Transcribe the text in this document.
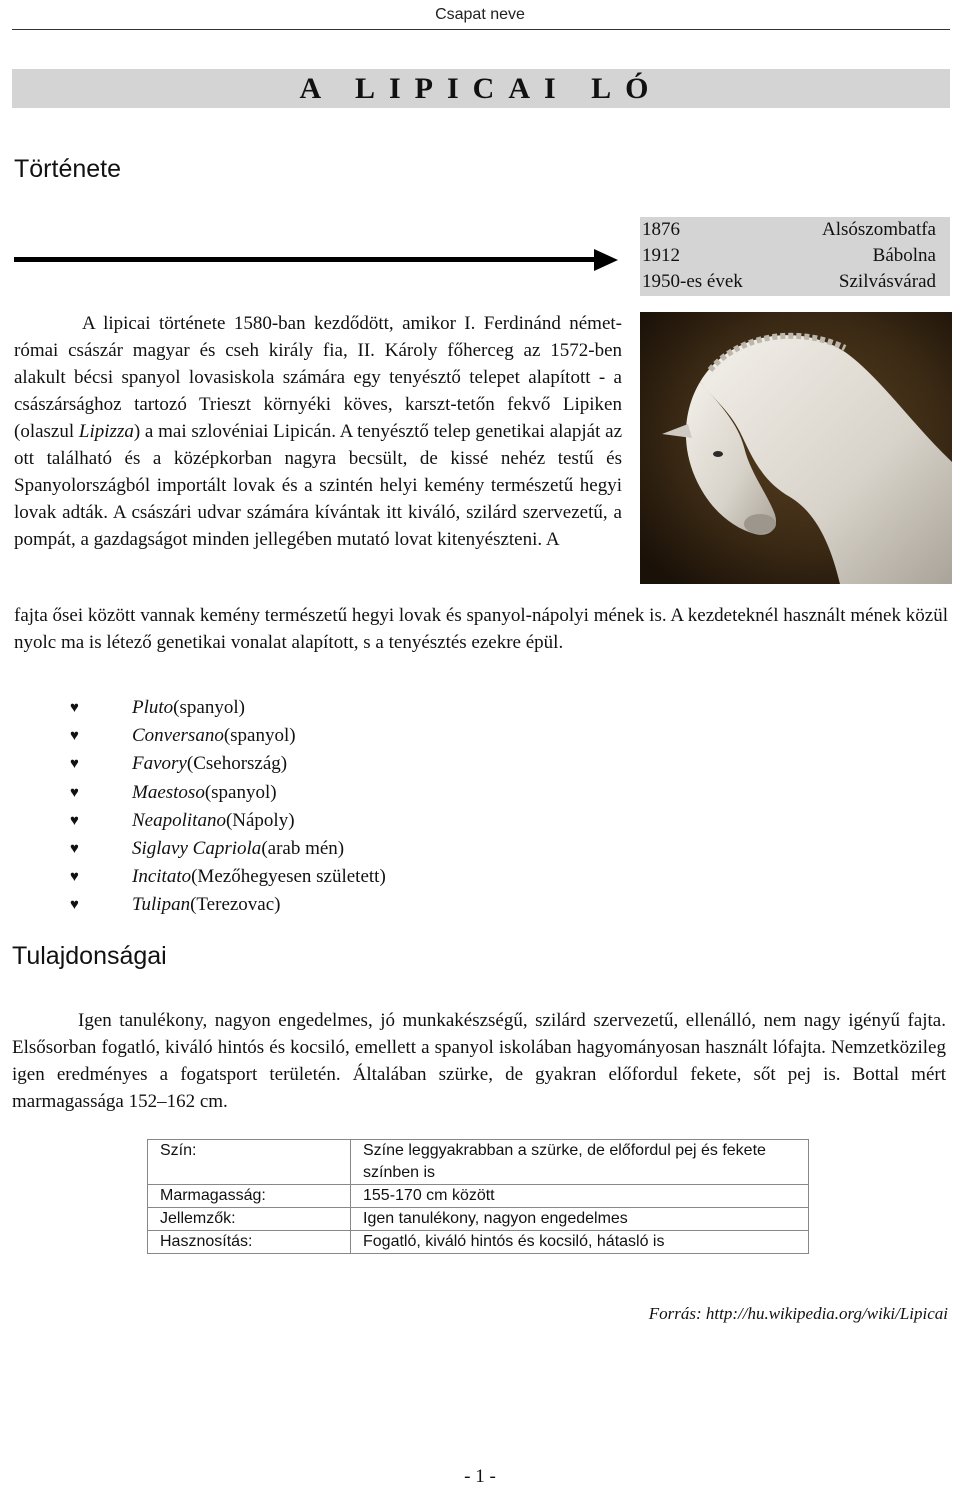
Csapat neve
A LIPICAI LÓ
Története
1876	Alsószombatfa
1912	Bábolna
1950-es évek	Szilvásvárad
A lipicai története 1580-ban kezdődött, amikor I. Ferdinánd német-római császár magyar és cseh király fia, II. Károly főherceg az 1572-ben alakult bécsi spanyol lovasiskola számára egy tenyésztő telepet alapított - a császársághoz tartozó Trieszt környéki köves, karszt-tetőn fekvő Lipiken (olaszul Lipizza) a mai szlovéniai Lipicán. A tenyésztő telep genetikai alapját az ott található és a középkorban nagyra becsült, de kissé nehéz testű és Spanyolországból importált lovak és a szintén helyi kemény természetű hegyi lovak adták. A császári udvar számára kívántak itt kiváló, szilárd szervezetű, a pompát, a gazdagságot minden jellegében mutató lovat kitenyészteni. A
fajta ősei között vannak kemény természetű hegyi lovak és spanyol-nápolyi mének is. A kezdeteknél használt mének közül nyolc ma is létező genetikai vonalat alapított, s a tenyésztés ezekre épül.
♥	Pluto (spanyol)
♥	Conversano (spanyol)
♥	Favory (Csehország)
♥	Maestoso (spanyol)
♥	Neapolitano (Nápoly)
♥	Siglavy Capriola (arab mén)
♥	Incitato (Mezőhegyesen született)
♥	Tulipan (Terezovac)
Tulajdonságai
Igen tanulékony, nagyon engedelmes, jó munkakészségű, szilárd szervezetű, ellenálló, nem nagy igényű fajta. Elsősorban fogatló, kiváló hintós és kocsiló, emellett a spanyol iskolában hagyományosan használt lófajta. Nemzetközileg igen eredményes a fogatsport területén. Általában szürke, de gyakran előfordul fekete, sőt pej is. Bottal mért marmagassága 152–162 cm.
Szín:	Színe leggyakrabban a szürke, de előfordul pej és fekete színben is
Marmagasság:	155-170 cm között
Jellemzők:	Igen tanulékony, nagyon engedelmes
Hasznosítás:	Fogatló, kiváló hintós és kocsiló, hátasló is
Forrás: http://hu.wikipedia.org/wiki/Lipicai
- 1 -
